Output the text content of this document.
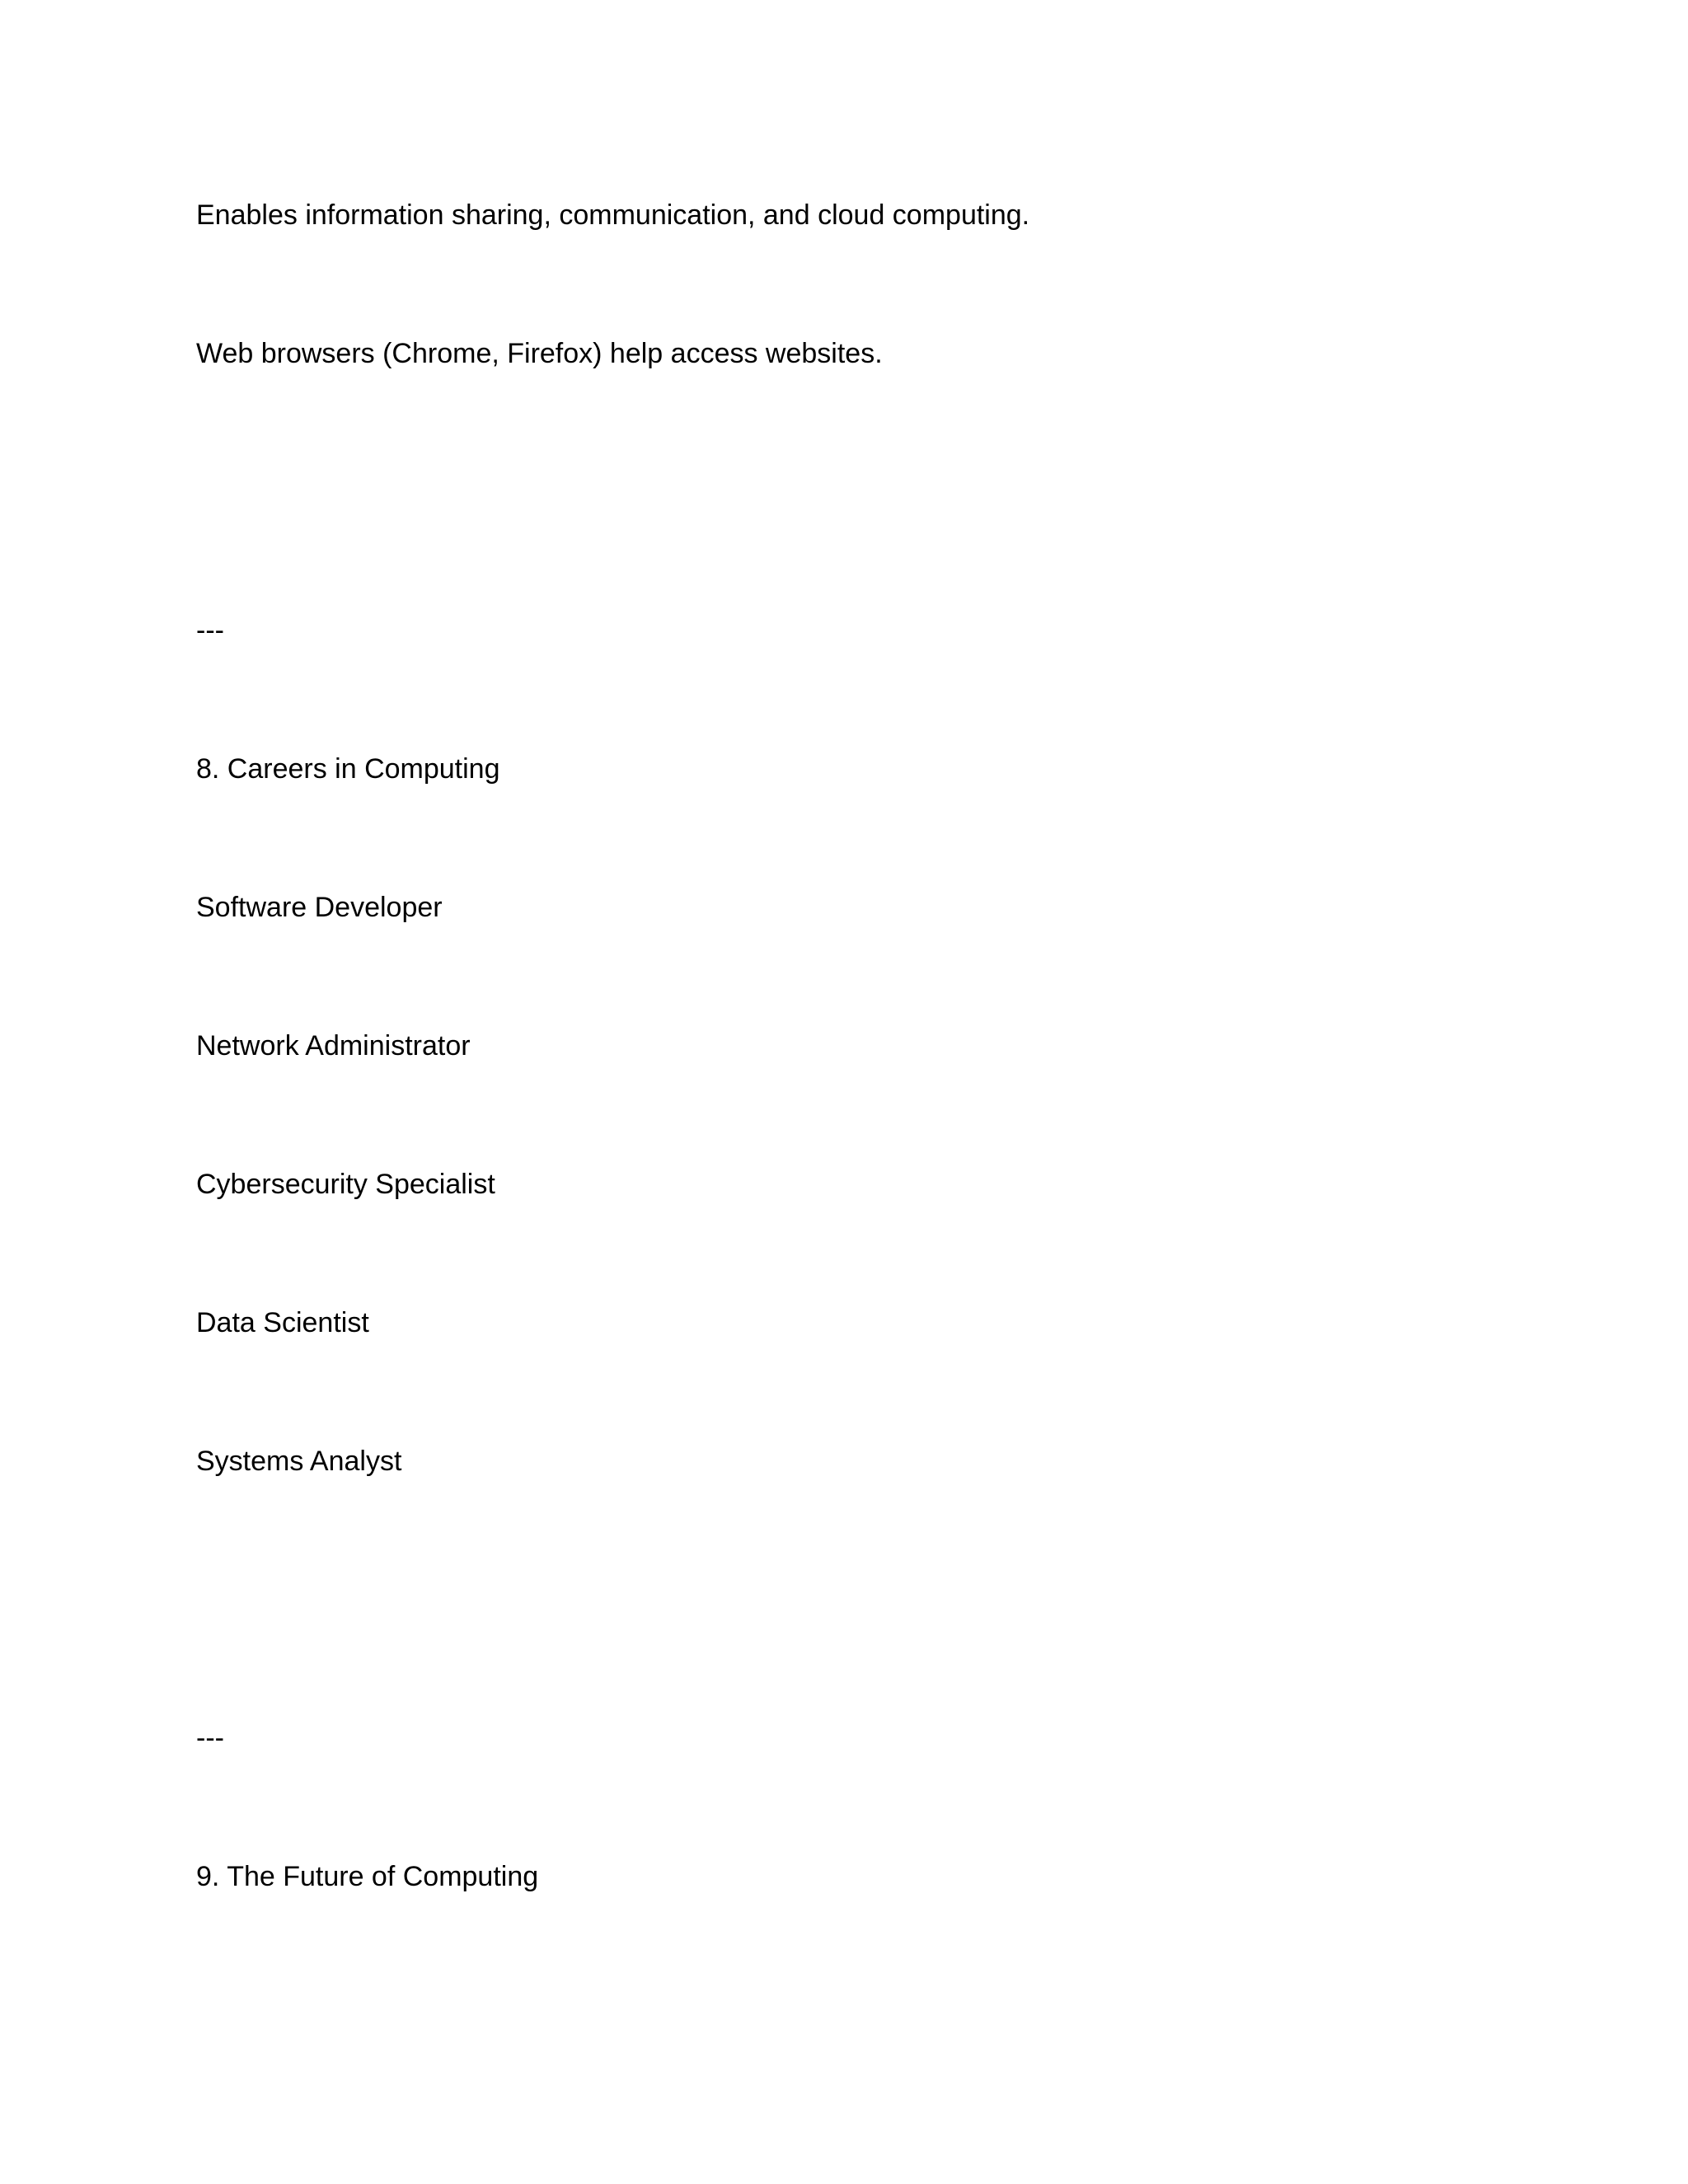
Enables information sharing, communication, and cloud computing.

Web browsers (Chrome, Firefox) help access websites.

---

8. Careers in Computing

Software Developer

Network Administrator

Cybersecurity Specialist

Data Scientist

Systems Analyst

---

9. The Future of Computing
